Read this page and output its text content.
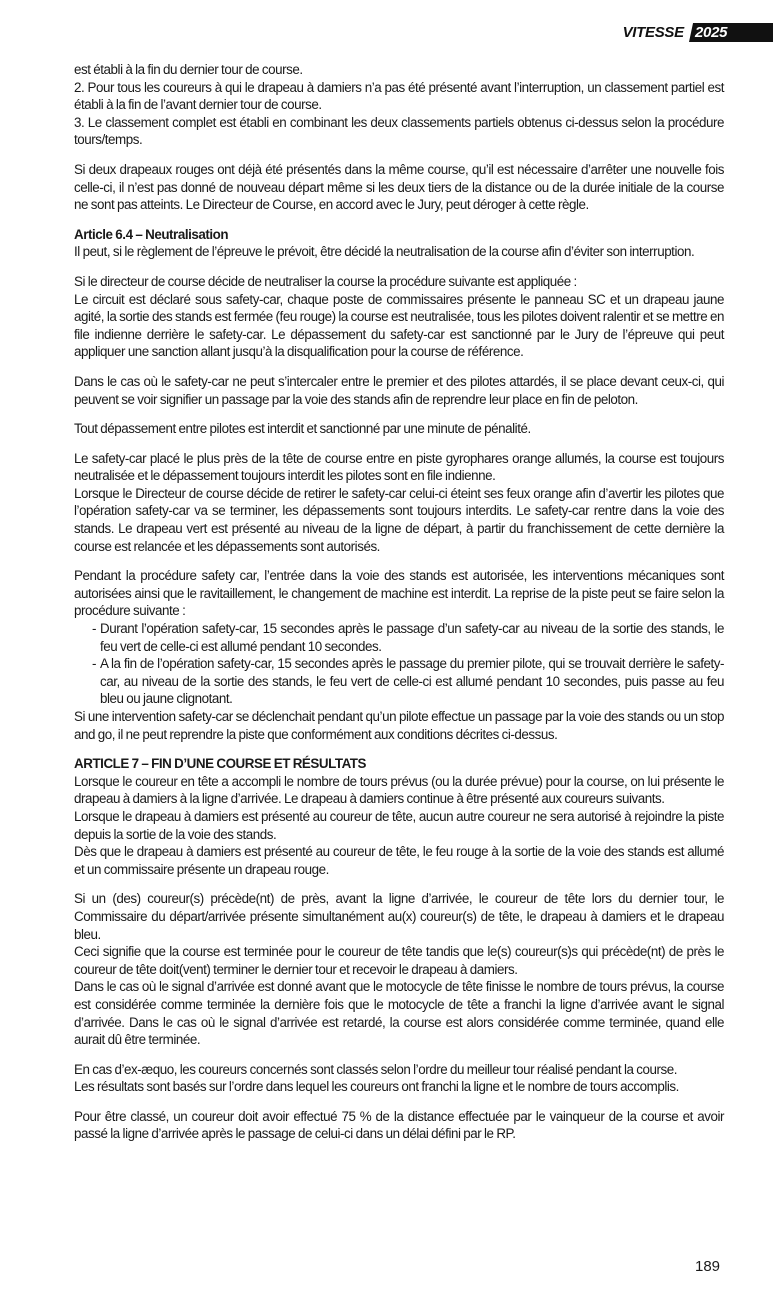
VITESSE 2025

est établi à la fin du dernier tour de course.

2. Pour tous les coureurs à qui le drapeau à damiers n’a pas été présenté avant l’interruption, un classement partiel est établi à la fin de l’avant dernier tour de course.

3. Le classement complet est établi en combinant les deux classements partiels obtenus ci-dessus selon la procédure tours/temps.

Si deux drapeaux rouges ont déjà été présentés dans la même course, qu’il est nécessaire d’arrêter une nouvelle fois celle-ci, il n’est pas donné de nouveau départ même si les deux tiers de la distance ou de la durée initiale de la course ne sont pas atteints. Le Directeur de Course, en accord avec le Jury, peut déroger à cette règle.

Article 6.4 – Neutralisation

Il peut, si le règlement de l’épreuve le prévoit, être décidé la neutralisation de la course afin d’éviter son interruption.

Si le directeur de course décide de neutraliser la course la procédure suivante est appliquée :

Le circuit est déclaré sous safety-car, chaque poste de commissaires présente le panneau SC et un drapeau jaune agité, la sortie des stands est fermée (feu rouge) la course est neutralisée, tous les pilotes doivent ralentir et se mettre en file indienne derrière le safety-car. Le dépassement du safety-car est sanctionné par le Jury de l’épreuve qui peut appliquer une sanction allant jusqu’à la disqualification pour la course de référence.

Dans le cas où le safety-car ne peut s’intercaler entre le premier et des pilotes attardés, il se place devant ceux-ci, qui peuvent se voir signifier un passage par la voie des stands afin de reprendre leur place en fin de peloton.

Tout dépassement entre pilotes est interdit et sanctionné par une minute de pénalité.

Le safety-car placé le plus près de la tête de course entre en piste gyrophares orange allumés, la course est toujours neutralisée et le dépassement toujours interdit les pilotes sont en file indienne.

Lorsque le Directeur de course décide de retirer le safety-car celui-ci éteint ses feux orange afin d’avertir les pilotes que l’opération safety-car va se terminer, les dépassements sont toujours interdits. Le safety-car rentre dans la voie des stands. Le drapeau vert est présenté au niveau de la ligne de départ, à partir du franchissement de cette dernière la course est relancée et les dépassements sont autorisés.

Pendant la procédure safety car, l’entrée dans la voie des stands est autorisée, les interventions mécaniques sont autorisées ainsi que le ravitaillement, le changement de machine est interdit. La reprise de la piste peut se faire selon la procédure suivante :

- Durant l’opération safety-car, 15 secondes après le passage d’un safety-car au niveau de la sortie des stands, le feu vert de celle-ci est allumé pendant 10 secondes.
- A la fin de l’opération safety-car, 15 secondes après le passage du premier pilote, qui se trouvait derrière le safety-car, au niveau de la sortie des stands, le feu vert de celle-ci est allumé pendant 10 secondes, puis passe au feu bleu ou jaune clignotant.

Si une intervention safety-car se déclenchait pendant qu’un pilote effectue un passage par la voie des stands ou un stop and go, il ne peut reprendre la piste que conformément aux conditions décrites ci-dessus.

ARTICLE 7 – FIN D’UNE COURSE ET RÉSULTATS

Lorsque le coureur en tête a accompli le nombre de tours prévus (ou la durée prévue) pour la course, on lui présente le drapeau à damiers à la ligne d’arrivée. Le drapeau à damiers continue à être présenté aux coureurs suivants.

Lorsque le drapeau à damiers est présenté au coureur de tête, aucun autre coureur ne sera autorisé à rejoindre la piste depuis la sortie de la voie des stands.

Dès que le drapeau à damiers est présenté au coureur de tête, le feu rouge à la sortie de la voie des stands est allumé et un commissaire présente un drapeau rouge.

Si un (des) coureur(s) précède(nt) de près, avant la ligne d’arrivée, le coureur de tête lors du dernier tour, le Commissaire du départ/arrivée présente simultanément au(x) coureur(s) de tête, le drapeau à damiers et le drapeau bleu.

Ceci signifie que la course est terminée pour le coureur de tête tandis que le(s) coureur(s)s qui précède(nt) de près le coureur de tête doit(vent) terminer le dernier tour et recevoir le drapeau à damiers.

Dans le cas où le signal d’arrivée est donné avant que le motocycle de tête finisse le nombre de tours prévus, la course est considérée comme terminée la dernière fois que le motocycle de tête a franchi la ligne d’arrivée avant le signal d’arrivée. Dans le cas où le signal d’arrivée est retardé, la course est alors considérée comme terminée, quand elle aurait dû être terminée.

En cas d’ex-æquo, les coureurs concernés sont classés selon l’ordre du meilleur tour réalisé pendant la course.

Les résultats sont basés sur l’ordre dans lequel les coureurs ont franchi la ligne et le nombre de tours accomplis.

Pour être classé, un coureur doit avoir effectué 75 % de la distance effectuée par le vainqueur de la course et avoir passé la ligne d’arrivée après le passage de celui-ci dans un délai défini par le RP.

189
